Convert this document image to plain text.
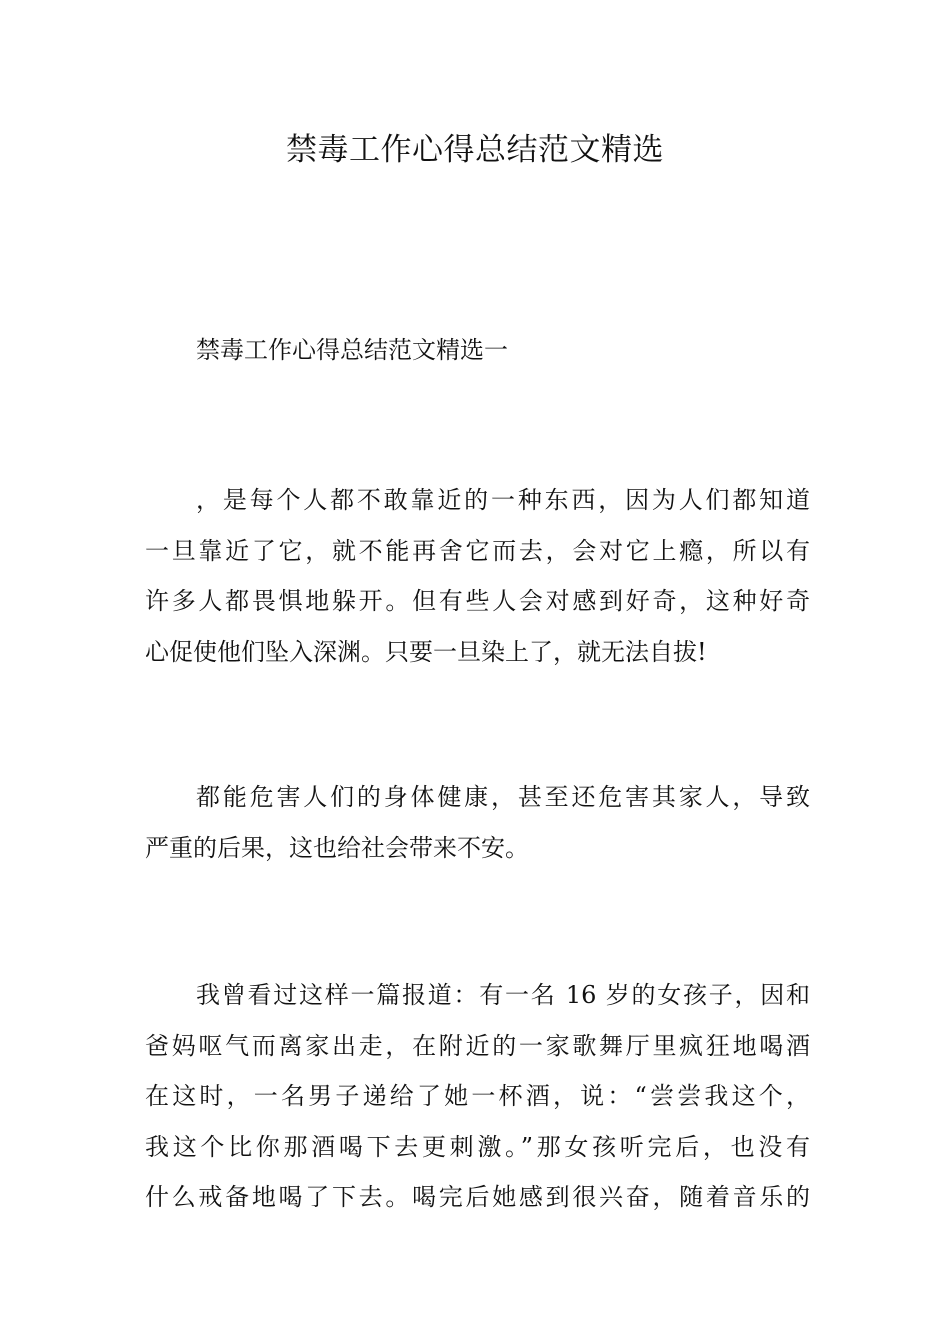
禁毒工作心得总结范文精选

禁毒工作心得总结范文精选一

，是每个人都不敢靠近的一种东西，因为人们都知道
一旦靠近了它，就不能再舍它而去，会对它上瘾，所以有
许多人都畏惧地躲开。但有些人会对感到好奇，这种好奇
心促使他们坠入深渊。只要一旦染上了，就无法自拔!
都能危害人们的身体健康，甚至还危害其家人，导致
严重的后果，这也给社会带来不安。
我曾看过这样一篇报道：有一名 16 岁的女孩子，因和
爸妈呕气而离家出走，在附近的一家歌舞厅里疯狂地喝酒
在这时，一名男子递给了她一杯酒，说：“尝尝我这个，
我这个比你那酒喝下去更刺激。”那女孩听完后，也没有
什么戒备地喝了下去。喝完后她感到很兴奋，随着音乐的
